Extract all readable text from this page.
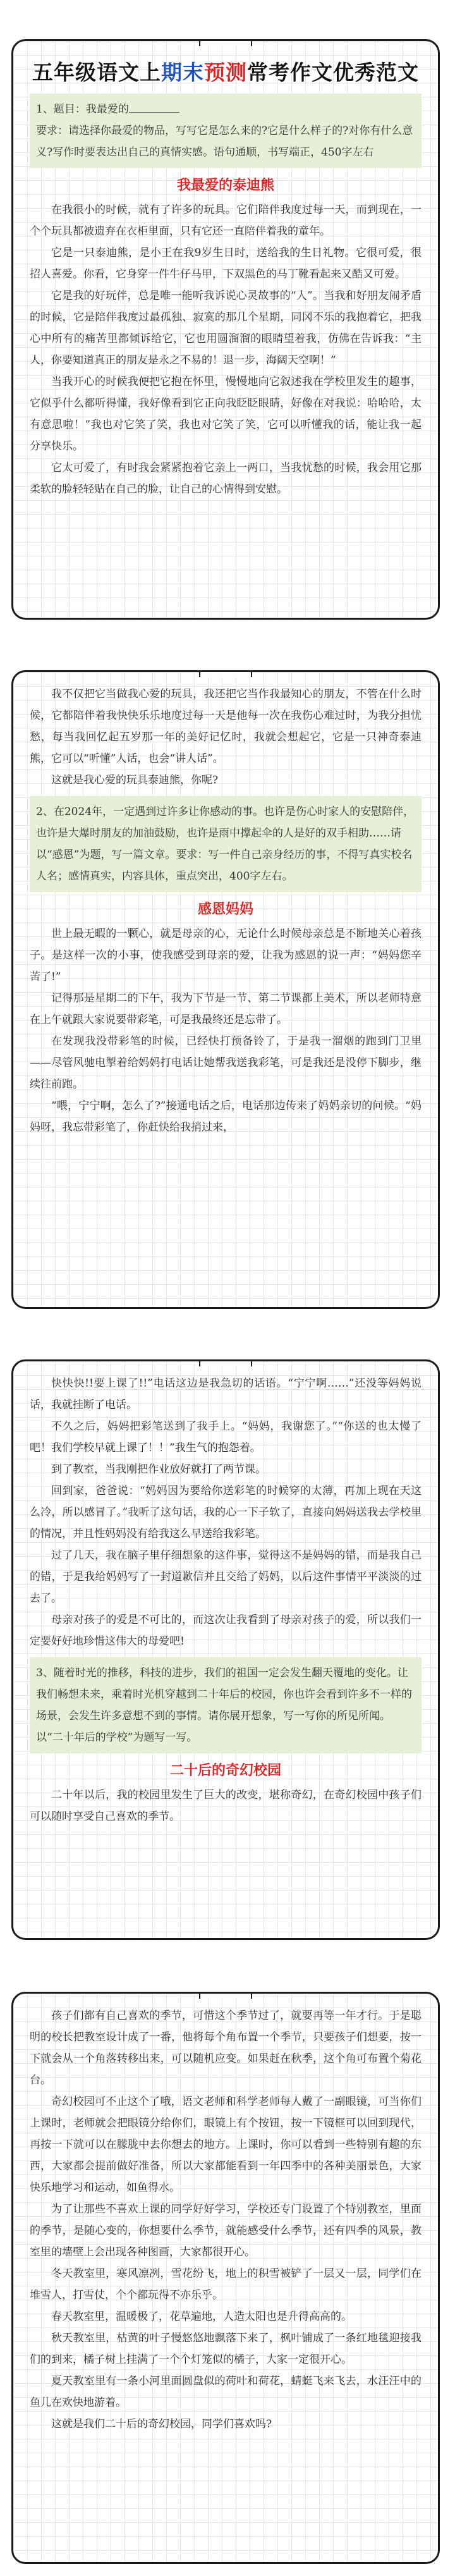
五年级语文上期末预测常考作文优秀范文
1、题目：我最爱的
要求：请选择你最爱的物品，写写它是怎么来的?它是什么样子的?对你有什么意义?写作时要表达出自己的真情实感。语句通顺，书写端正，450字左右
我最爱的泰迪熊

在我很小的时候，就有了许多的玩具。它们陪伴我度过每一天，而到现在，一个个玩具都被遗弃在衣柜里面，只有它还一直陪伴着我的童年。

它是一只泰迪熊，是小王在我9岁生日时，送给我的生日礼物。它很可爱，很招人喜爱。你看，它身穿一件牛仔马甲，下双黑色的马丁靴看起来又酷又可爱。

它是我的好玩伴，总是唯一能听我诉说心灵故事的“人”。当我和好朋友闹矛盾的时候，它是陪伴我度过最孤独、寂寞的那几个星期，同冈不乐的我抱着它，把我心中所有的痛苦里都倾诉给它，它也用圆溜溜的眼睛望着我，仿佛在告诉我：“主人，你要知道真正的朋友是永之不易的！退一步，海阔天空啊！”

当我开心的时候我便把它抱在怀里，慢慢地向它叙述我在学校里发生的趣事，它似乎什么都听得懂，我好像看到它正向我眨眨眼睛，好像在对我说：哈哈哈，太有意思啦！”我也对它笑了笑，我也对它笑了笑，它可以听懂我的话，能让我一起分享快乐。

它太可爱了，有时我会紧紧抱着它亲上一两口，当我忧愁的时候，我会用它那柔软的脸轻轻贴在自己的脸，让自己的心情得到安慰。

我不仅把它当做我心爱的玩具，我还把它当作我最知心的朋友，不管在什么时候，它都陪伴着我快快乐乐地度过每一天是他每一次在我伤心难过时，为我分担忧愁，每当我回忆起五岁那一年的美好记忆时，我就会想起它，它是一只神奇泰迪熊，它可以“听懂”人话，也会“讲人话”。

这就是我心爱的玩具泰迪熊，你呢?

2、在2024年，一定遇到过许多让你感动的事。也许是伤心时家人的安慰陪伴，也许是大爆时朋友的加油鼓励，也许是雨中撑起伞的人是好的双手相助……请以“感恩”为题，写一篇文章。要求：写一件自己亲身经历的事，不得写真实校名人名；感情真实，内容具体，重点突出，400字左右。
感恩妈妈

世上最无暇的一颗心，就是母亲的心，无论什么时候母亲总是不断地关心着孩子。是这样一次的小事，使我感受到母亲的爱，让我为感恩的说一声：“妈妈您辛苦了!”

记得那是星期二的下午，我为下节是一节、第二节课都上美术，所以老师特意在上午就跟大家说要带彩笔，可是我最终还是忘带了。

在发现我没带彩笔的时候，已经快打预备铃了，于是我一溜烟的跑到门卫里——尽管风驰电掣着给妈妈打电话让她帮我送我彩笔，可是我还是没停下脚步，继续往前跑。

“喂，宁宁啊，怎么了?”接通电话之后，电话那边传来了妈妈亲切的问候。“妈妈呀，我忘带彩笔了，你赶快给我捎过来，

快快快!!要上课了!!”电话这边是我急切的话语。“宁宁啊……”还没等妈妈说话，我就挂断了电话。

不久之后，妈妈把彩笔送到了我手上。“妈妈，我谢您了。”“你送的也太慢了吧！我们学校早就上课了！！”我生气的抱怨着。

到了教室，当我刚把作业放好就打了两节课。

回到家，爸爸说：“妈妈因为要给你送彩笔的时候穿的太薄，再加上现在天这么冷，所以感冒了。”我听了这句话，我的心一下子软了，直接向妈妈送我去学校里的情况，并且性妈妈没有给我这么早送给我彩笔。

过了几天，我在脑子里仔细想象的这件事，觉得这不是妈妈的错，而是我自己的错，于是我给妈妈写了一封道歉信并且交给了妈妈，以后这件事情平平淡淡的过去了。

母亲对孩子的爱是不可比的，而这次让我看到了母亲对孩子的爱，所以我们一定要好好地珍惜这伟大的母爱吧!

3、随着时光的推移，科技的进步，我们的祖国一定会发生翻天覆地的变化。让我们畅想未来，乘着时光机穿越到二十年后的校园，你也许会看到许多不一样的场景，会发生许多意想不到的事情。请你展开想象，写一写你的所见所闻。以“二十年后的学校”为题写一写。
二十后的奇幻校园

二十年以后，我的校园里发生了巨大的改变，堪称奇幻，在奇幻校园中孩子们可以随时享受自己喜欢的季节。

孩子们都有自己喜欢的季节，可惜这个季节过了，就要再等一年才行。于是聪明的校长把教室设计成了一番，他将每个角布置一个季节，只要孩子们想要，按一下就会从一个角落转移出来，可以随机应变。如果赶在秋季，这个角可布置个菊花台。

奇幻校园可不止这个了哦，语文老师和科学老师每人戴了一副眼镜，可当你们上课时，老师就会把眼镜分给你们，眼镜上有个按钮，按一下镜框可以回到现代，再按一下就可以在朦胧中去你想去的地方。上课时，你可以看到一些特别有趣的东西，大家都会提前做好准备，所以大家都能看到一年四季中的各种美丽景色，大家快乐地学习和运动，如鱼得水。

为了让那些不喜欢上课的同学好好学习，学校还专门设置了个特别教室，里面的季节，是随心变的，你想要什么季节，就能感受什么季节，还有四季的风景，教室里的墙壁上会出现各种图画，大家都很开心。

冬天教室里，寒风凛冽，雪花纷飞，地上的积雪被铲了一层又一层，同学们在堆雪人，打雪仗，个个都玩得不亦乐乎。

春天教室里，温暖极了，花草遍地，人造太阳也是升得高高的。

秋天教室里，枯黄的叶子慢悠悠地飘落下来了，枫叶铺成了一条红地毯迎接我们的到来，橘子树上挂满了一个个灯笼似的橘子，大家一定很开心。

夏天教室里有一条小河里面圆盘似的荷叶和荷花，蜻蜓飞来飞去，水汪汪中的鱼儿在欢快地游着。

这就是我们二十后的奇幻校园，同学们喜欢吗?
